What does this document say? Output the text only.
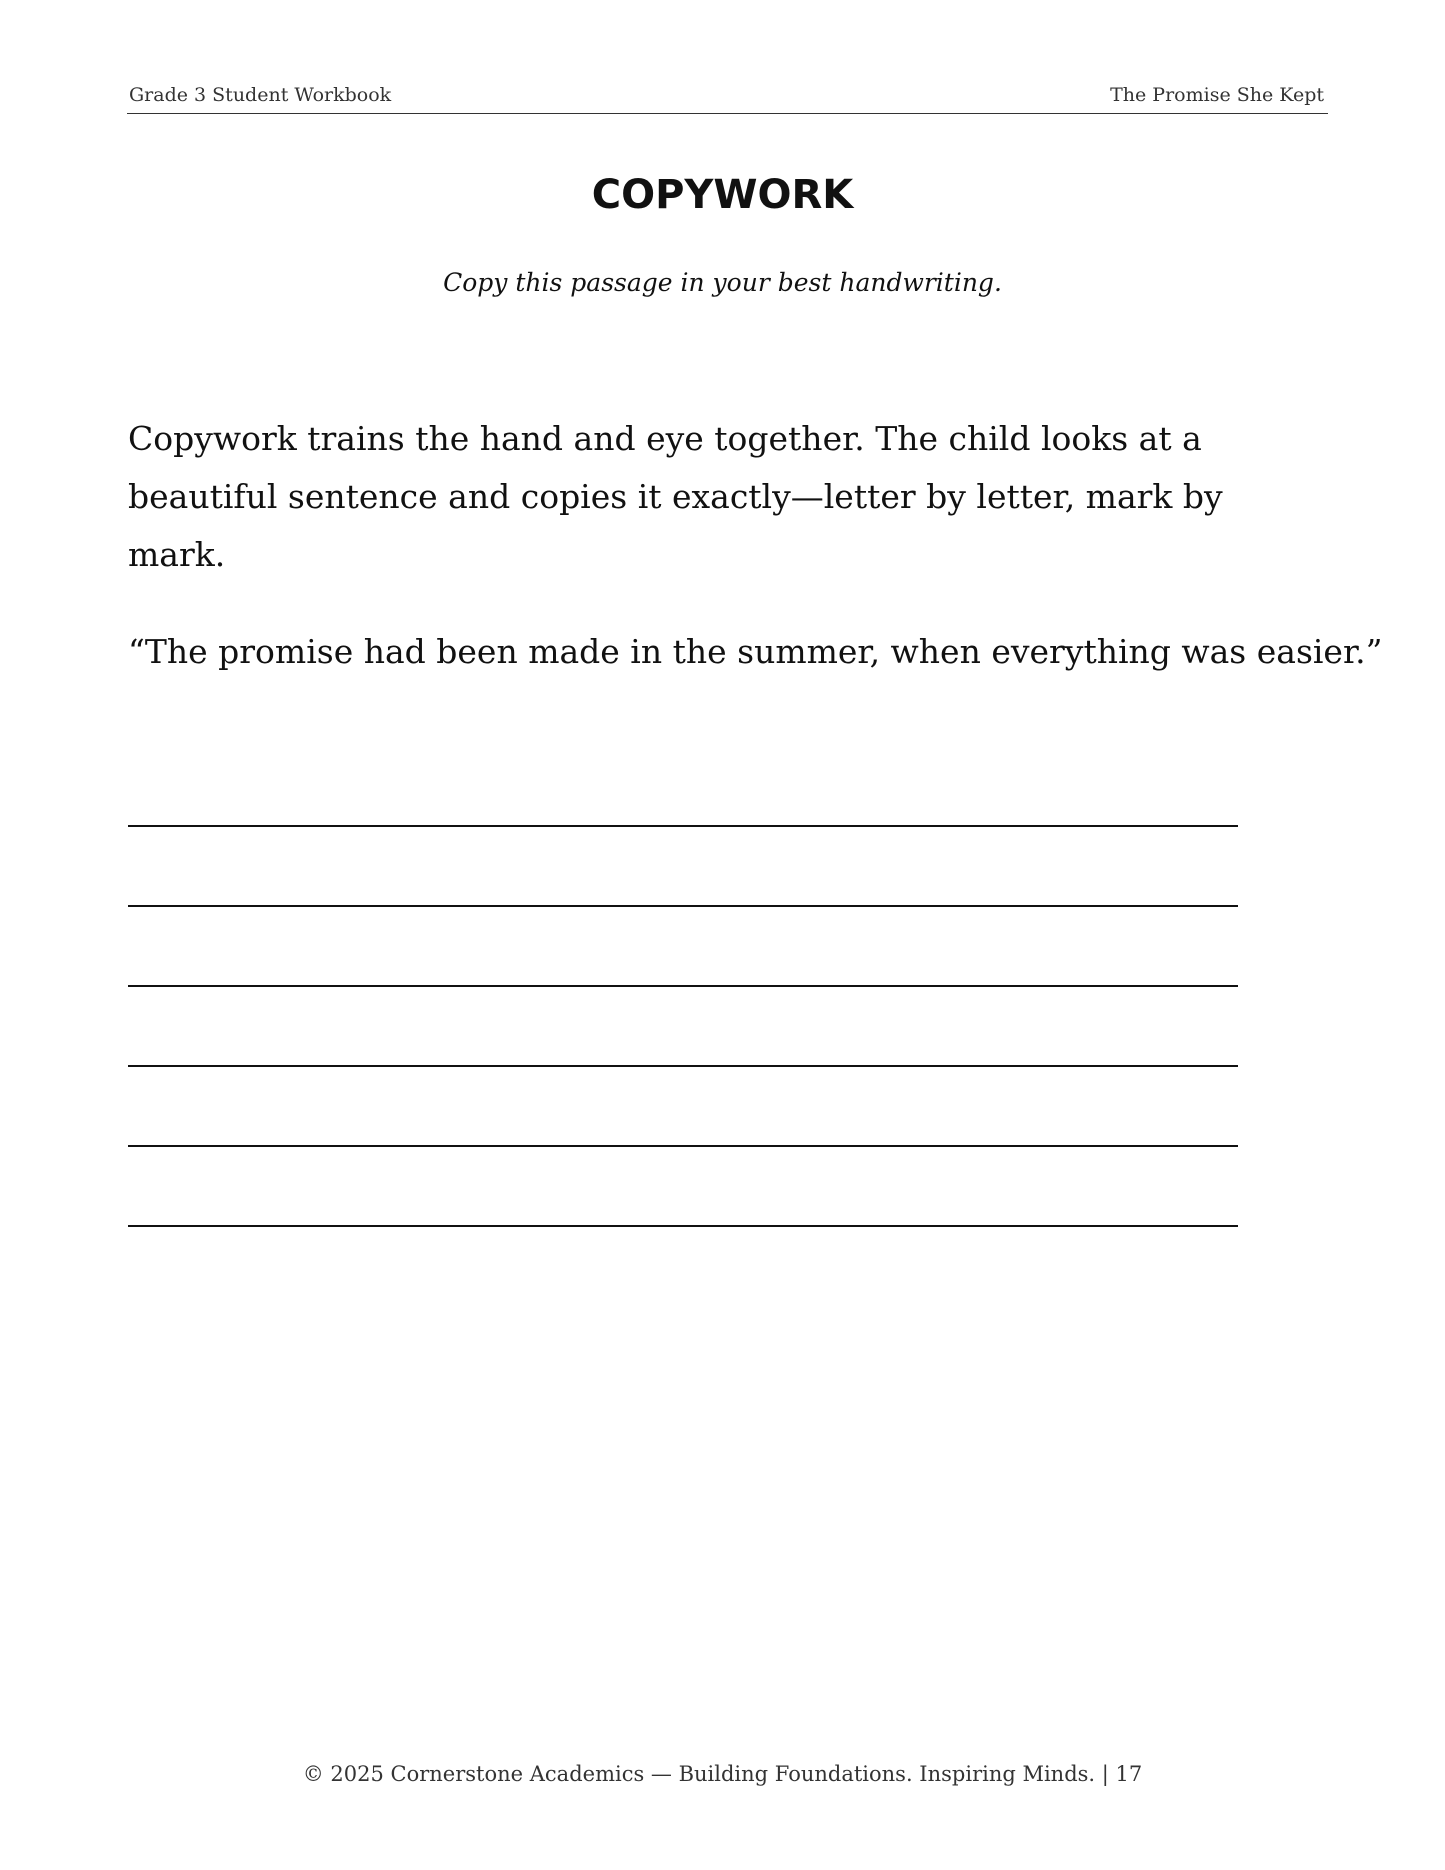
Grade 3 Student Workbook	The Promise She Kept
COPYWORK
Copy this passage in your best handwriting.
Copywork trains the hand and eye together. The child looks at a beautiful sentence and copies it exactly—letter by letter, mark by mark.
“The promise had been made in the summer, when everything was easier.”
© 2025 Cornerstone Academics — Building Foundations. Inspiring Minds. | 17
